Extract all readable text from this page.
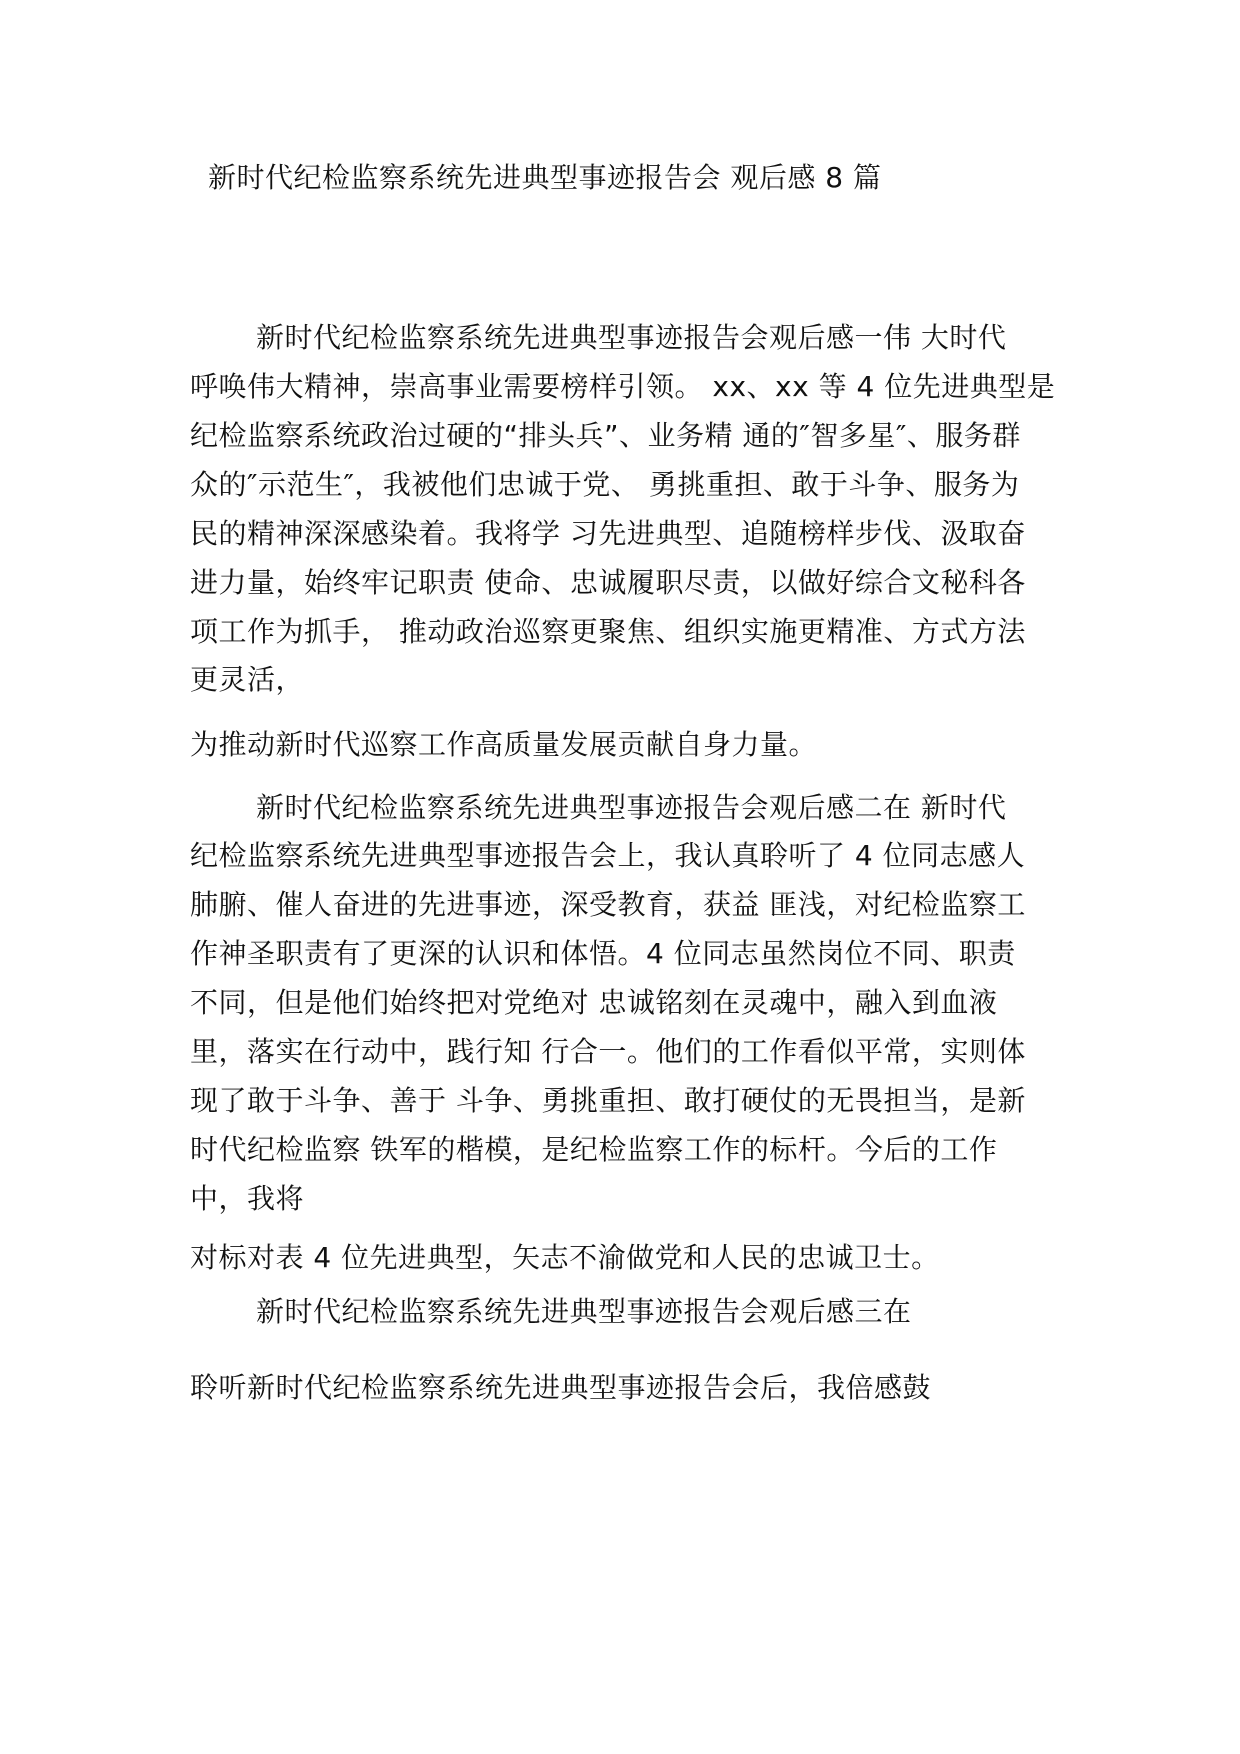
新时代纪检监察系统先进典型事迹报告会 观后感 8 篇
新时代纪检监察系统先进典型事迹报告会观后感一伟 大时代
呼唤伟大精神，崇高事业需要榜样引领。 xx、xx 等 4 位先进典型是
纪检监察系统政治过硬的“排头兵”、业务精 通的″智多星″、服务群
众的″示范生″，我被他们忠诚于党、 勇挑重担、敢于斗争、服务为
民的精神深深感染着。我将学 习先进典型、追随榜样步伐、汲取奋
进力量，始终牢记职责 使命、忠诚履职尽责，以做好综合文秘科各
项工作为抓手， 推动政治巡察更聚焦、组织实施更精准、方式方法
更灵活，
为推动新时代巡察工作高质量发展贡献自身力量。
新时代纪检监察系统先进典型事迹报告会观后感二在 新时代
纪检监察系统先进典型事迹报告会上，我认真聆听了 4 位同志感人
肺腑、催人奋进的先进事迹，深受教育，获益 匪浅，对纪检监察工
作神圣职责有了更深的认识和体悟。4 位同志虽然岗位不同、职责
不同，但是他们始终把对党绝对 忠诚铭刻在灵魂中，融入到血液
里，落实在行动中，践行知 行合一。他们的工作看似平常，实则体
现了敢于斗争、善于 斗争、勇挑重担、敢打硬仗的无畏担当，是新
时代纪检监察 铁军的楷模，是纪检监察工作的标杆。今后的工作
中，我将
对标对表 4 位先进典型，矢志不渝做党和人民的忠诚卫士。
新时代纪检监察系统先进典型事迹报告会观后感三在
聆听新时代纪检监察系统先进典型事迹报告会后，我倍感鼓
